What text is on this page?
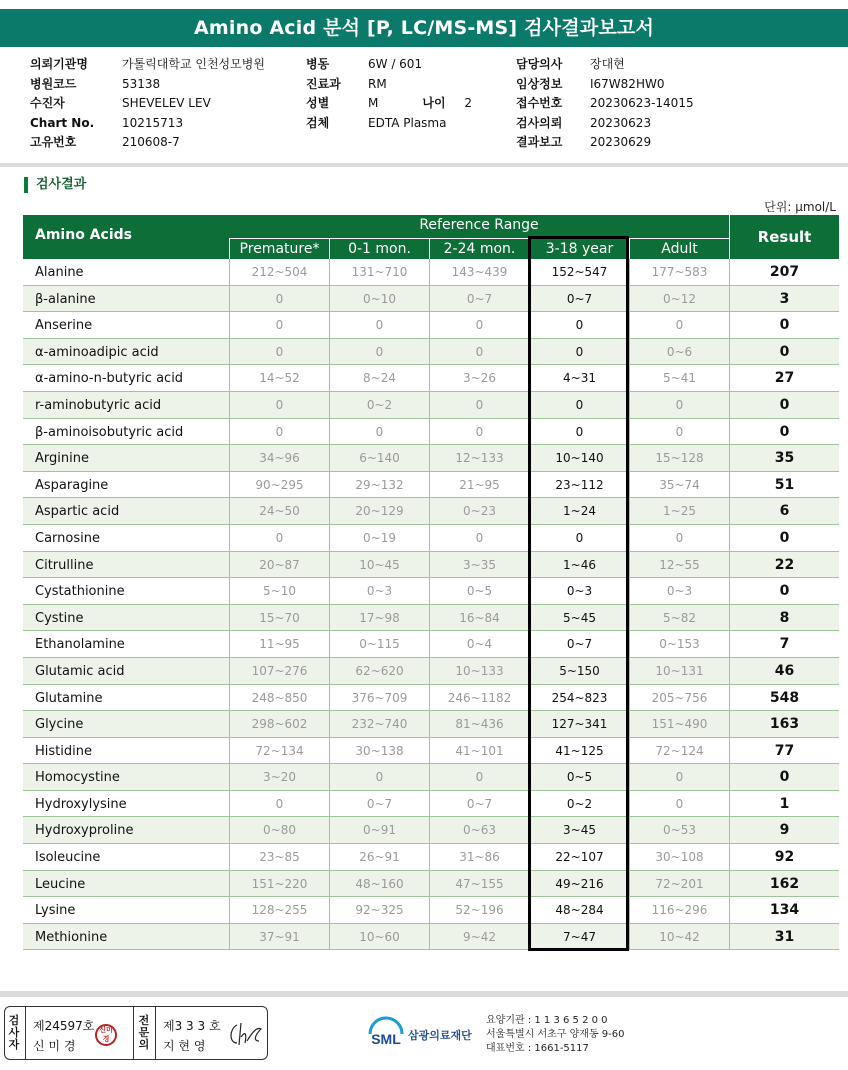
Amino Acid 분석 [P, LC/MS-MS] 검사결과보고서
의뢰기관명	가톨릭대학교 인천성모병원
병원코드	53138
수진자	SHEVELEV LEV
Chart No.	10215713
고유번호	210608-7
병동	6W / 601
진료과	RM
성별	M	나이	2
검체	EDTA Plasma
담당의사	장대현
임상정보	I67W82HW0
접수번호	20230623-14015
검사의뢰	20230623
결과보고	20230629
검사결과
단위: μmol/L
Amino Acids
Reference Range
Premature*	0-1 mon.	2-24 mon.	3-18 year	Adult
Result
Alanine	212~504	131~710	143~439	152~547	177~583	207
β-alanine	0	0~10	0~7	0~7	0~12	3
Anserine	0	0	0	0	0	0
α-aminoadipic acid	0	0	0	0	0~6	0
α-amino-n-butyric acid	14~52	8~24	3~26	4~31	5~41	27
r-aminobutyric acid	0	0~2	0	0	0	0
β-aminoisobutyric acid	0	0	0	0	0	0
Arginine	34~96	6~140	12~133	10~140	15~128	35
Asparagine	90~295	29~132	21~95	23~112	35~74	51
Aspartic acid	24~50	20~129	0~23	1~24	1~25	6
Carnosine	0	0~19	0	0	0	0
Citrulline	20~87	10~45	3~35	1~46	12~55	22
Cystathionine	5~10	0~3	0~5	0~3	0~3	0
Cystine	15~70	17~98	16~84	5~45	5~82	8
Ethanolamine	11~95	0~115	0~4	0~7	0~153	7
Glutamic acid	107~276	62~620	10~133	5~150	10~131	46
Glutamine	248~850	376~709	246~1182	254~823	205~756	548
Glycine	298~602	232~740	81~436	127~341	151~490	163
Histidine	72~134	30~138	41~101	41~125	72~124	77
Homocystine	3~20	0	0	0~5	0	0
Hydroxylysine	0	0~7	0~7	0~2	0	1
Hydroxyproline	0~80	0~91	0~63	3~45	0~53	9
Isoleucine	23~85	26~91	31~86	22~107	30~108	92
Leucine	151~220	48~160	47~155	49~216	72~201	162
Lysine	128~255	92~325	52~196	48~284	116~296	134
Methionine	37~91	10~60	9~42	7~47	10~42	31
검사자
제24597호
신 미 경
신미경
전문의
제3 3 3 호
지 현 영	SML 삼광의료재단
요양기관 : 1 1 3 6 5 2 0 0
서울특별시 서초구 양재동 9-60
대표번호 : 1661-5117
